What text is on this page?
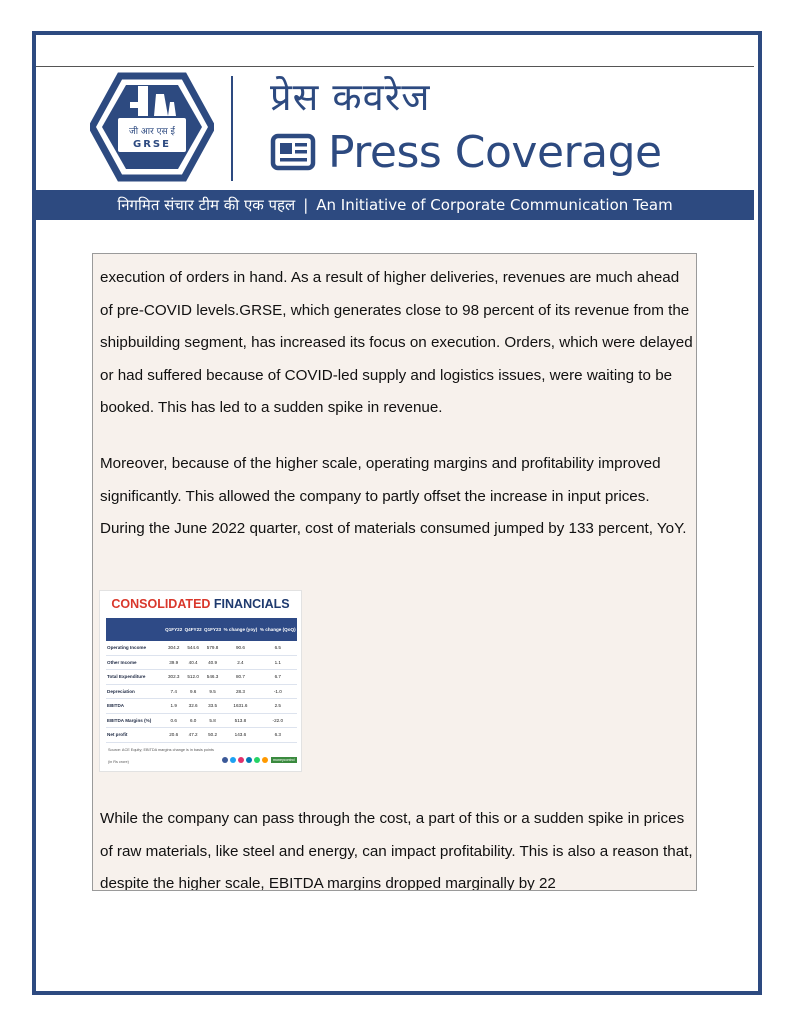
जी आर एस ई
GRSE
प्रेस कवरेज
Press Coverage
निगमित संचार टीम की एक पहल | An Initiative of Corporate Communication Team

execution of orders in hand. As a result of higher deliveries, revenues are much ahead of pre-COVID levels.GRSE, which generates close to 98 percent of its revenue from the shipbuilding segment, has increased its focus on execution. Orders, which were delayed or had suffered because of COVID-led supply and logistics issues, were waiting to be booked. This has led to a sudden spike in revenue.

Moreover, because of the higher scale, operating margins and profitability improved significantly. This allowed the company to partly offset the increase in input prices. During the June 2022 quarter, cost of materials consumed jumped by 133 percent, YoY.

CONSOLIDATED FINANCIALS
	Q1FY22	Q4FY22	Q1FY23	% change (yoy)	% change (QoQ)
Operating Income	304.2	544.6	579.8	90.6	6.5
Other Income	39.9	40.4	40.9	2.4	1.1
Total Expenditure	302.3	512.0	546.3	80.7	6.7
Depreciation	7.4	9.6	9.5	28.3	-1.0
EBITDA	1.9	32.6	33.5	1631.6	2.5
EBITDA Margins (%)	0.6	6.0	5.8	513.8	-22.0
Net profit	20.6	47.2	50.2	143.6	6.3
Source: ACE Equity; EBITDA margins change is in basis points
(in Rs crore)	moneycontrol

While the company can pass through the cost, a part of this or a sudden spike in prices of raw materials, like steel and energy, can impact profitability. This is also a reason that, despite the higher scale, EBITDA margins dropped marginally by 22
